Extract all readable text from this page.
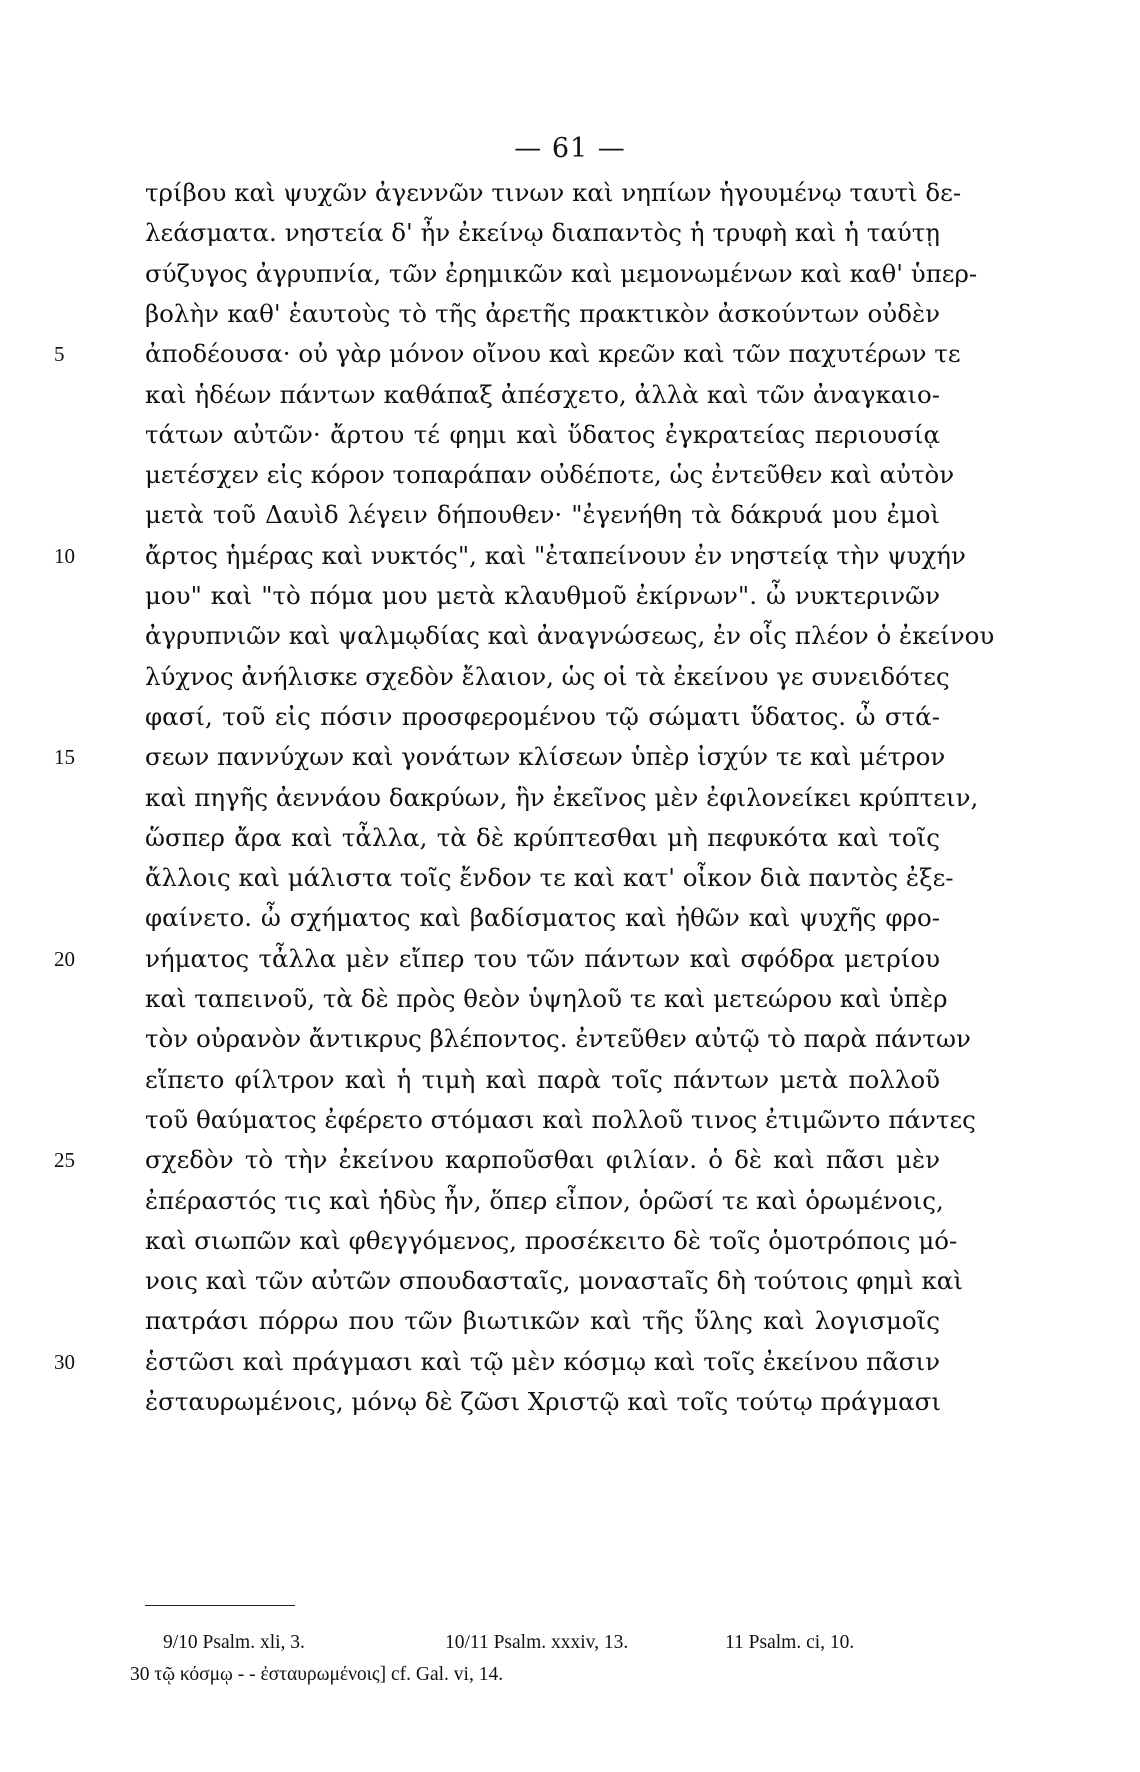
— 61 —
τρίβου καὶ ψυχῶν ἀγεννῶν τινων καὶ νηπίων ἡγουμένῳ ταυτὶ δε-
λεάσματα. νηστεία δ' ἦν ἐκείνῳ διαπαντὸς ἡ τρυφὴ καὶ ἡ ταύτῃ
σύζυγος ἀγρυπνία, τῶν ἐρημικῶν καὶ μεμονωμένων καὶ καθ' ὑπερ-
βολὴν καθ' ἑαυτοὺς τὸ τῆς ἀρετῆς πρακτικὸν ἀσκούντων οὐδὲν
ἀποδέουσα· οὐ γὰρ μόνον οἴνου καὶ κρεῶν καὶ τῶν παχυτέρων τε
καὶ ἡδέων πάντων καθάπαξ ἀπέσχετο, ἀλλὰ καὶ τῶν ἀναγκαιο-
τάτων αὐτῶν· ἄρτου τέ φημι καὶ ὕδατος ἐγκρατείας περιουσίᾳ
μετέσχεν εἰς κόρον τοπαράπαν οὐδέποτε, ὡς ἐντεῦθεν καὶ αὐτὸν
μετὰ τοῦ Δαυὶδ λέγειν δήπουθεν· "ἐγενήθη τὰ δάκρυά μου ἐμοὶ
ἄρτος ἡμέρας καὶ νυκτός", καὶ "ἐταπείνουν ἐν νηστείᾳ τὴν ψυχήν
μου" καὶ "τὸ πόμα μου μετὰ κλαυθμοῦ ἐκίρνων". ὦ νυκτερινῶν
ἀγρυπνιῶν καὶ ψαλμῳδίας καὶ ἀναγνώσεως, ἐν οἷς πλέον ὁ ἐκείνου
λύχνος ἀνήλισκε σχεδὸν ἔλαιον, ὡς οἱ τὰ ἐκείνου γε συνειδότες
φασί, τοῦ εἰς πόσιν προσφερομένου τῷ σώματι ὕδατος. ὦ στά-
σεων παννύχων καὶ γονάτων κλίσεων ὑπὲρ ἰσχύν τε καὶ μέτρον
καὶ πηγῆς ἀεννάου δακρύων, ἣν ἐκεῖνος μὲν ἐφιλονείκει κρύπτειν,
ὥσπερ ἄρα καὶ τἆλλα, τὰ δὲ κρύπτεσθαι μὴ πεφυκότα καὶ τοῖς
ἄλλοις καὶ μάλιστα τοῖς ἔνδον τε καὶ κατ' οἶκον διὰ παντὸς ἐξε-
φαίνετο. ὦ σχήματος καὶ βαδίσματος καὶ ἠθῶν καὶ ψυχῆς φρο-
νήματος τἆλλα μὲν εἴπερ του τῶν πάντων καὶ σφόδρα μετρίου
καὶ ταπεινοῦ, τὰ δὲ πρὸς θεὸν ὑψηλοῦ τε καὶ μετεώρου καὶ ὑπὲρ
τὸν οὐρανὸν ἄντικρυς βλέποντος. ἐντεῦθεν αὐτῷ τὸ παρὰ πάντων
εἵπετο φίλτρον καὶ ἡ τιμὴ καὶ παρὰ τοῖς πάντων μετὰ πολλοῦ
τοῦ θαύματος ἐφέρετο στόμασι καὶ πολλοῦ τινος ἐτιμῶντο πάντες
σχεδὸν τὸ τὴν ἐκείνου καρποῦσθαι φιλίαν. ὁ δὲ καὶ πᾶσι μὲν
ἐπέραστός τις καὶ ἡδὺς ἦν, ὅπερ εἶπον, ὁρῶσί τε καὶ ὁρωμένοις,
καὶ σιωπῶν καὶ φθεγγόμενος, προσέκειτο δὲ τοῖς ὁμοτρόποις μό-
νοις καὶ τῶν αὐτῶν σπουδασταῖς, μοναστaῖς δὴ τούτοις φημὶ καὶ
πατράσι πόρρω που τῶν βιωτικῶν καὶ τῆς ὕλης καὶ λογισμοῖς
ἑστῶσι καὶ πράγμασι καὶ τῷ μὲν κόσμῳ καὶ τοῖς ἐκείνου πᾶσιν
ἐσταυρωμένοις, μόνῳ δὲ ζῶσι Χριστῷ καὶ τοῖς τούτῳ πράγμασι
5
10
15
20
25
30
9/10 Psalm. xli, 3.	10/11 Psalm. xxxiv, 13.	11 Psalm. ci, 10.
30 τῷ κόσμῳ - - ἐσταυρωμένοις] cf. Gal. vi, 14.
